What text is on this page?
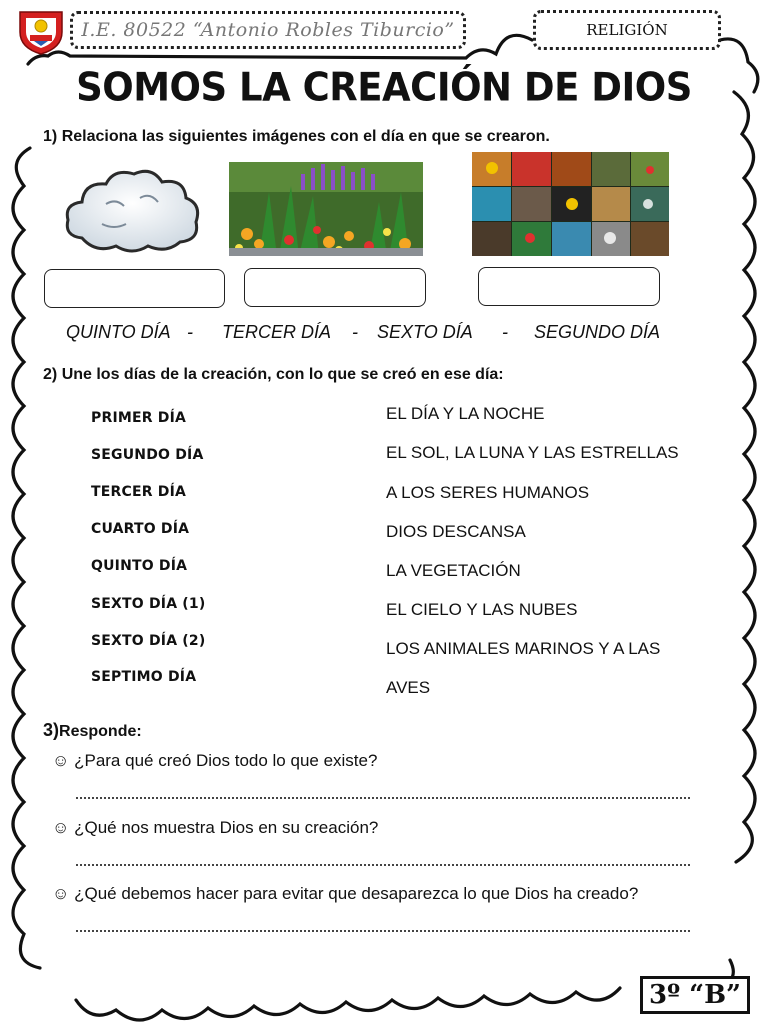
I.E. 80522 “Antonio Robles Tiburcio”	RELIGIÓN
SOMOS LA CREACIÓN DE DIOS
1) Relaciona las siguientes imágenes con el día en que se crearon.
QUINTO DÍA - TERCER DÍA - SEXTO DÍA - SEGUNDO DÍA
2) Une los días de la creación, con lo que se creó en ese día:
PRIMER DÍA
SEGUNDO DÍA
TERCER DÍA
CUARTO DÍA
QUINTO DÍA
SEXTO DÍA (1)
SEXTO DÍA (2)
SEPTIMO DÍA
EL DÍA Y LA NOCHE
EL SOL, LA LUNA Y LAS ESTRELLAS
A LOS SERES HUMANOS
DIOS DESCANSA
LA VEGETACIÓN
EL CIELO Y LAS NUBES
LOS ANIMALES MARINOS Y A LAS
AVES
3)Responde:
☺ ¿Para qué creó Dios todo lo que existe?
☺ ¿Qué nos muestra Dios en su creación?
☺ ¿Qué debemos hacer para evitar que desaparezca lo que Dios ha creado?
3º “B”
